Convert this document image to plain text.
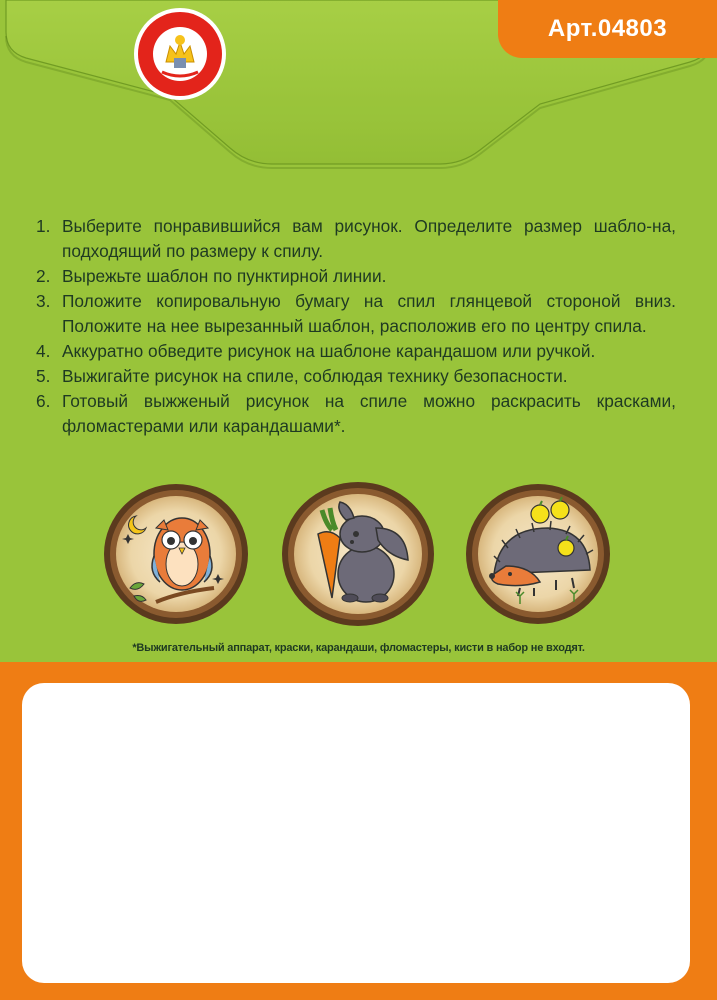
Арт.04803
1. Выберите понравившийся вам рисунок. Определите размер шабло-на, подходящий по размеру к спилу.
2. Вырежьте шаблон по пунктирной линии.
3. Положите копировальную бумагу на спил глянцевой стороной вниз. Положите на нее вырезанный шаблон, расположив его по центру спила.
4. Аккуратно обведите рисунок на шаблоне карандашом или ручкой.
5. Выжигайте рисунок на спиле, соблюдая технику безопасности.
6. Готовый выжженый рисунок на спиле можно раскрасить красками, фломастерами или карандашами*.
*Выжигательный аппарат, краски, карандаши, фломастеры, кисти в набор не входят.
